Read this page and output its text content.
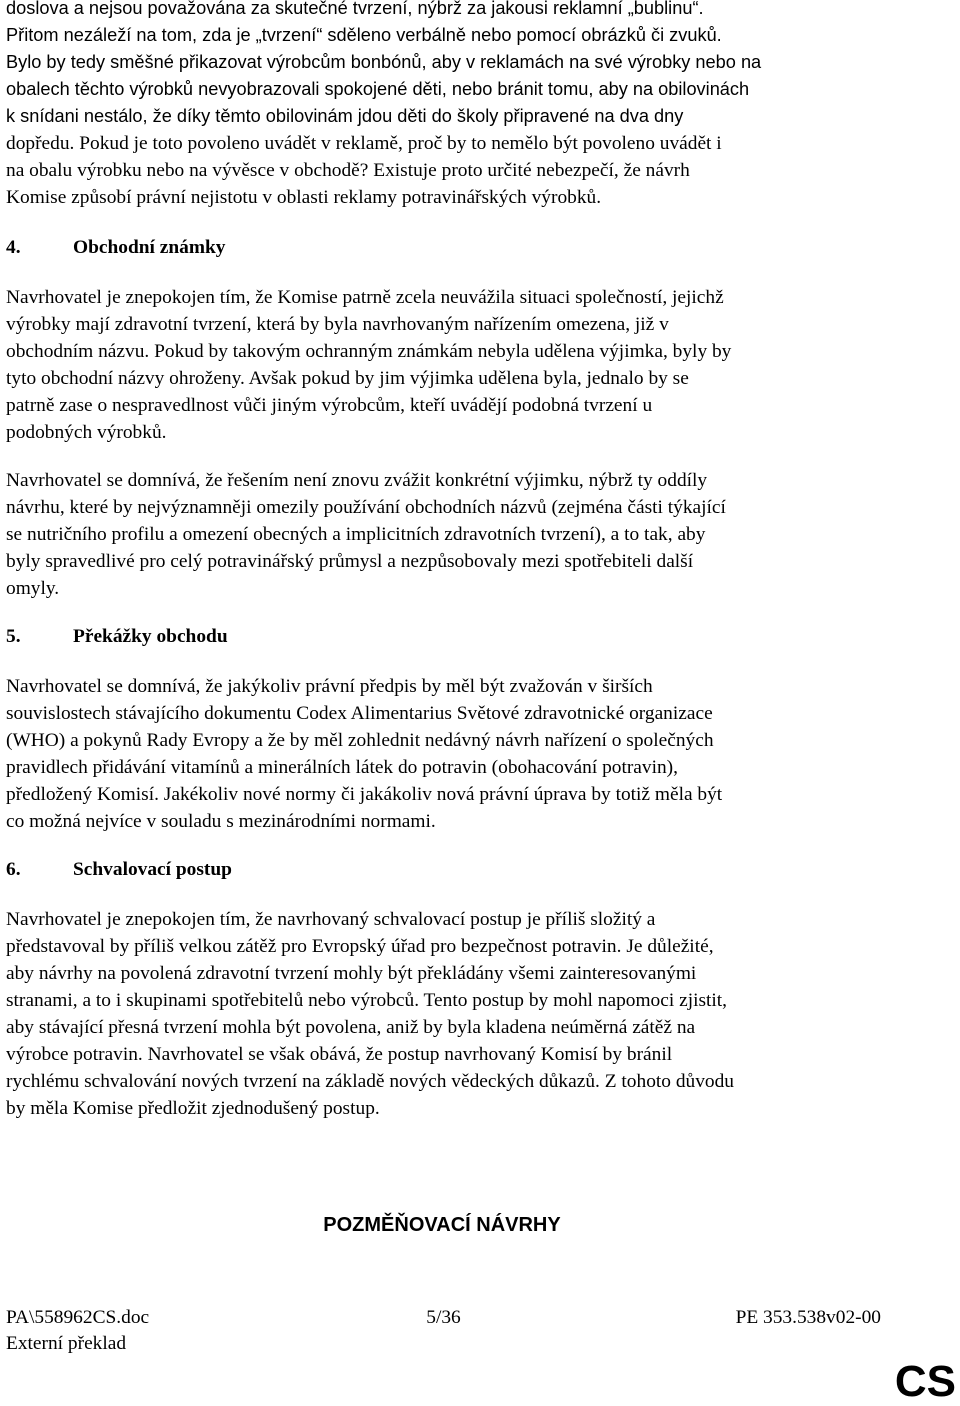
doslova a nejsou považována za skutečné tvrzení, nýbrž za jakousi reklamní „bublinu“.
Přitom nezáleží na tom, zda je „tvrzení“ sděleno verbálně nebo pomocí obrázků či zvuků.
Bylo by tedy směšné přikazovat výrobcům bonbónů, aby v reklamách na své výrobky nebo na
obalech těchto výrobků nevyobrazovali spokojené děti, nebo bránit tomu, aby na obilovinách
k snídani nestálo, že díky těmto obilovinám jdou děti do školy připravené na dva dny
dopředu. Pokud je toto povoleno uvádět v reklamě, proč by to nemělo být povoleno uvádět i
na obalu výrobku nebo na vývěsce v obchodě? Existuje proto určité nebezpečí, že návrh
Komise způsobí právní nejistotu v oblasti reklamy potravinářských výrobků.

4.	Obchodní známky

Navrhovatel je znepokojen tím, že Komise patrně zcela neuvážila situaci společností, jejichž
výrobky mají zdravotní tvrzení, která by byla navrhovaným nařízením omezena, již v
obchodním názvu. Pokud by takovým ochranným známkám nebyla udělena výjimka, byly by
tyto obchodní názvy ohroženy. Avšak pokud by jim výjimka udělena byla, jednalo by se
patrně zase o nespravedlnost vůči jiným výrobcům, kteří uvádějí podobná tvrzení u
podobných výrobků.

Navrhovatel se domnívá, že řešením není znovu zvážit konkrétní výjimku, nýbrž ty oddíly
návrhu, které by nejvýznamněji omezily používání obchodních názvů (zejména části týkající
se nutričního profilu a omezení obecných a implicitních zdravotních tvrzení), a to tak, aby
byly spravedlivé pro celý potravinářský průmysl a nezpůsobovaly mezi spotřebiteli další
omyly.

5.	Překážky obchodu

Navrhovatel se domnívá, že jakýkoliv právní předpis by měl být zvažován v širších
souvislostech stávajícího dokumentu Codex Alimentarius Světové zdravotnické organizace
(WHO) a pokynů Rady Evropy a že by měl zohlednit nedávný návrh nařízení o společných
pravidlech přidávání vitamínů a minerálních látek do potravin (obohacování potravin),
předložený Komisí. Jakékoliv nové normy či jakákoliv nová právní úprava by totiž měla být
co možná nejvíce v souladu s mezinárodními normami.

6.	Schvalovací postup

Navrhovatel je znepokojen tím, že navrhovaný schvalovací postup je příliš složitý a
představoval by příliš velkou zátěž pro Evropský úřad pro bezpečnost potravin. Je důležité,
aby návrhy na povolená zdravotní tvrzení mohly být překládány všemi zainteresovanými
stranami, a to i skupinami spotřebitelů nebo výrobců. Tento postup by mohl napomoci zjistit,
aby stávající přesná tvrzení mohla být povolena, aniž by byla kladena neúměrná zátěž na
výrobce potravin. Navrhovatel se však obává, že postup navrhovaný Komisí by bránil
rychlému schvalování nových tvrzení na základě nových vědeckých důkazů. Z tohoto důvodu
by měla Komise předložit zjednodušený postup.

POZMĚŇOVACÍ NÁVRHY
PA\558962CS.doc	5/36	PE 353.538v02-00
Externí překlad
CS
